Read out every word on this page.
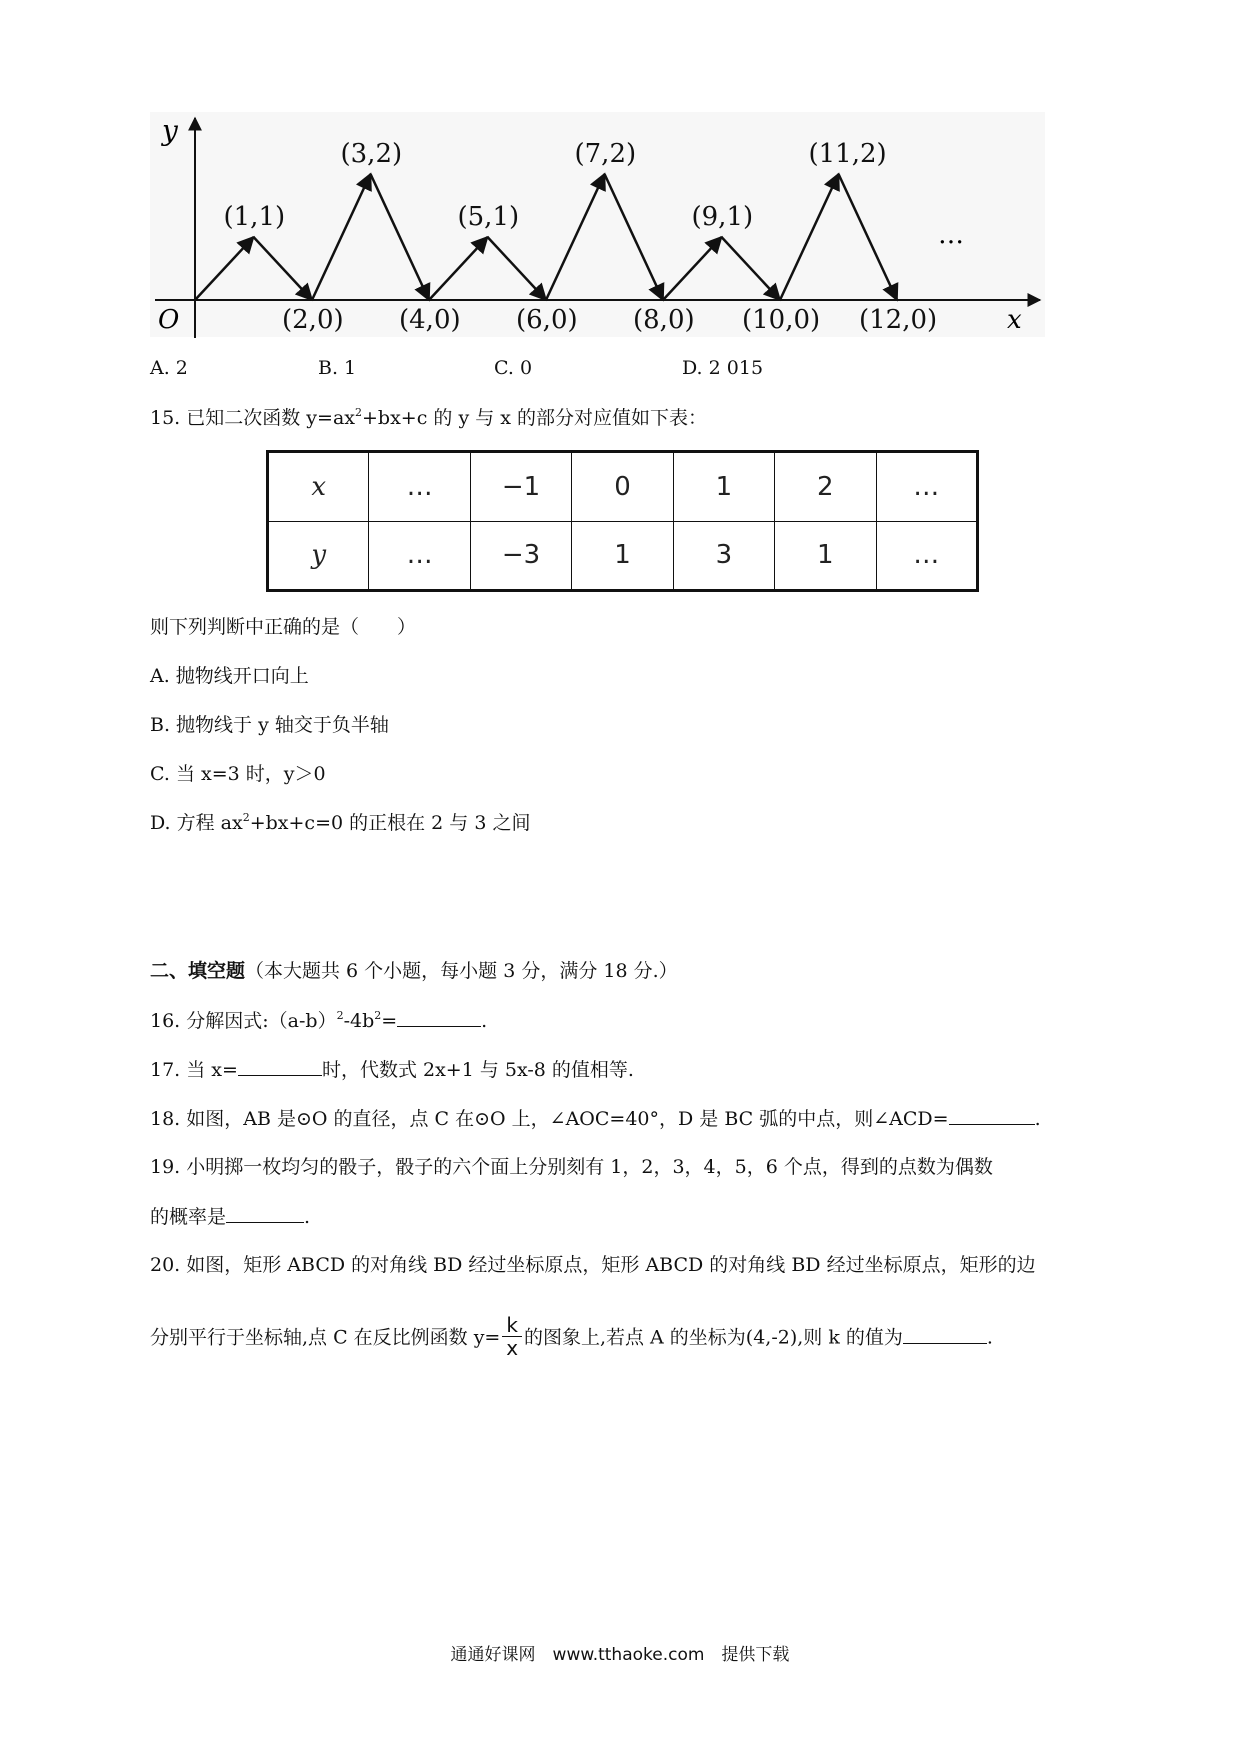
y
x
O
(1,1)
(3,2)
(5,1)
(7,2)
(9,1)
(11,2)
(2,0) (4,0) (6,0) (8,0) (10,0) (12,0)
…
A. 2	B. 1	C. 0	D. 2 015
15. 已知二次函数 $y=ax^2+bx+c$ 的 y 与 x 的部分对应值如下表：
x	…	−1	0	1	2	…
y	…	−3	1	3	1	…
则下列判断中正确的是（　　）
A. 抛物线开口向上
B. 抛物线于 y 轴交于负半轴
C. 当 x=3 时，y＞0
D. 方程 $ax^2+bx+c=0$ 的正根在 2 与 3 之间
二、填空题（本大题共 6 个小题，每小题 3 分，满分 18 分.）
16. 分解因式$:(a-b)^2-4b^2=$	.
17. 当 x=	时，代数式 2x+1 与 5x-8 的值相等.
18. 如图，AB 是⊙O 的直径，点 C 在⊙O 上，∠AOC=40°，D 是 BC 弧的中点，则∠ACD=	.
19. 小明掷一枚均匀的骰子，骰子的六个面上分别刻有 1，2，3，4，5，6 个点，得到的点数为偶数
的概率是	.
20. 如图，矩形 ABCD 的对角线 BD 经过坐标原点，矩形 ABCD 的对角线 BD 经过坐标原点，矩形的边
分别平行于坐标轴,点 C 在反比例函数 $y= \frac{k}{x}$ 的图象上,若点 A 的坐标为(4,-2),则 k 的值为	.
通通好课网　www.tthaoke.com　提供下载
